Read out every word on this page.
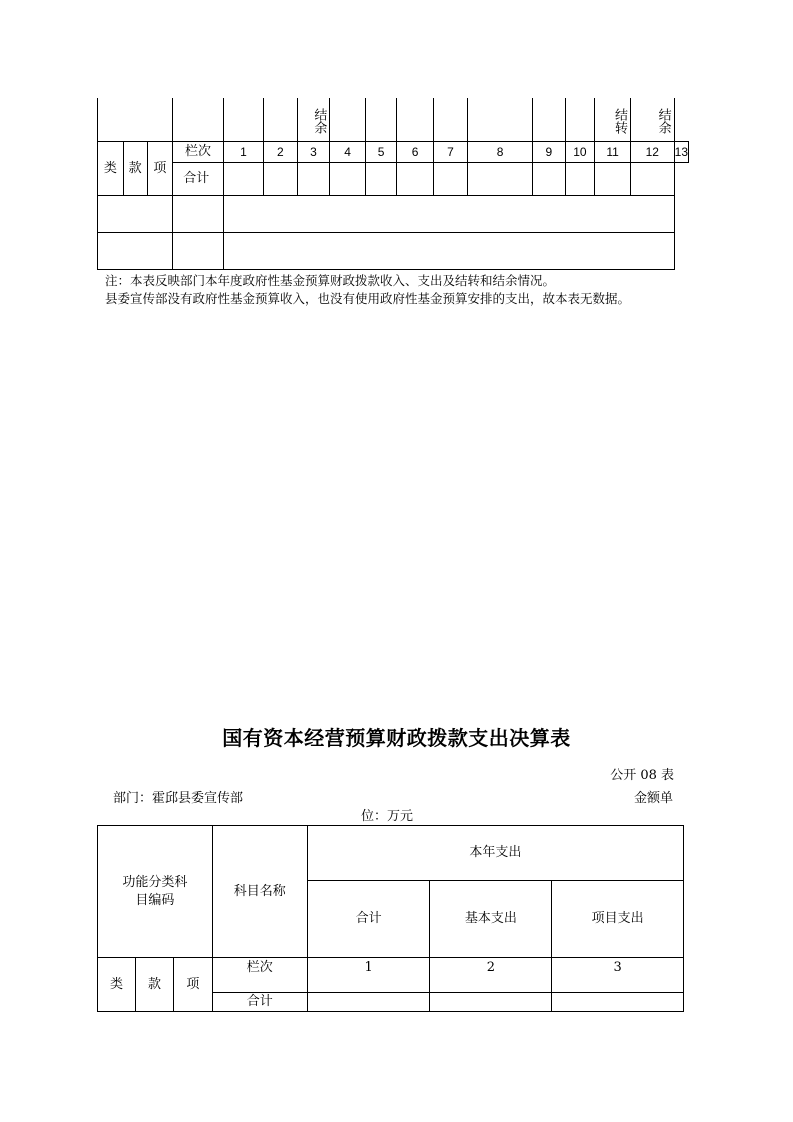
						结余								结转	结余	
类	款	项	栏次	1	2	3	4	5	6	7	8	9	10	11	12	13
			合计													

注：本表反映部门本年度政府性基金预算财政拨款收入、支出及结转和结余情况。

县委宣传部没有政府性基金预算收入，也没有使用政府性基金预算安排的支出，故本表无数据。

国有资本经营预算财政拨款支出决算表
公开 08 表
部门：霍邱县委宣传部	金额单
位：万元
功能分类科目编码			科目名称	本年支出		
				合计	基本支出	项目支出
类	款	项	栏次	1	2	3
			合计			
